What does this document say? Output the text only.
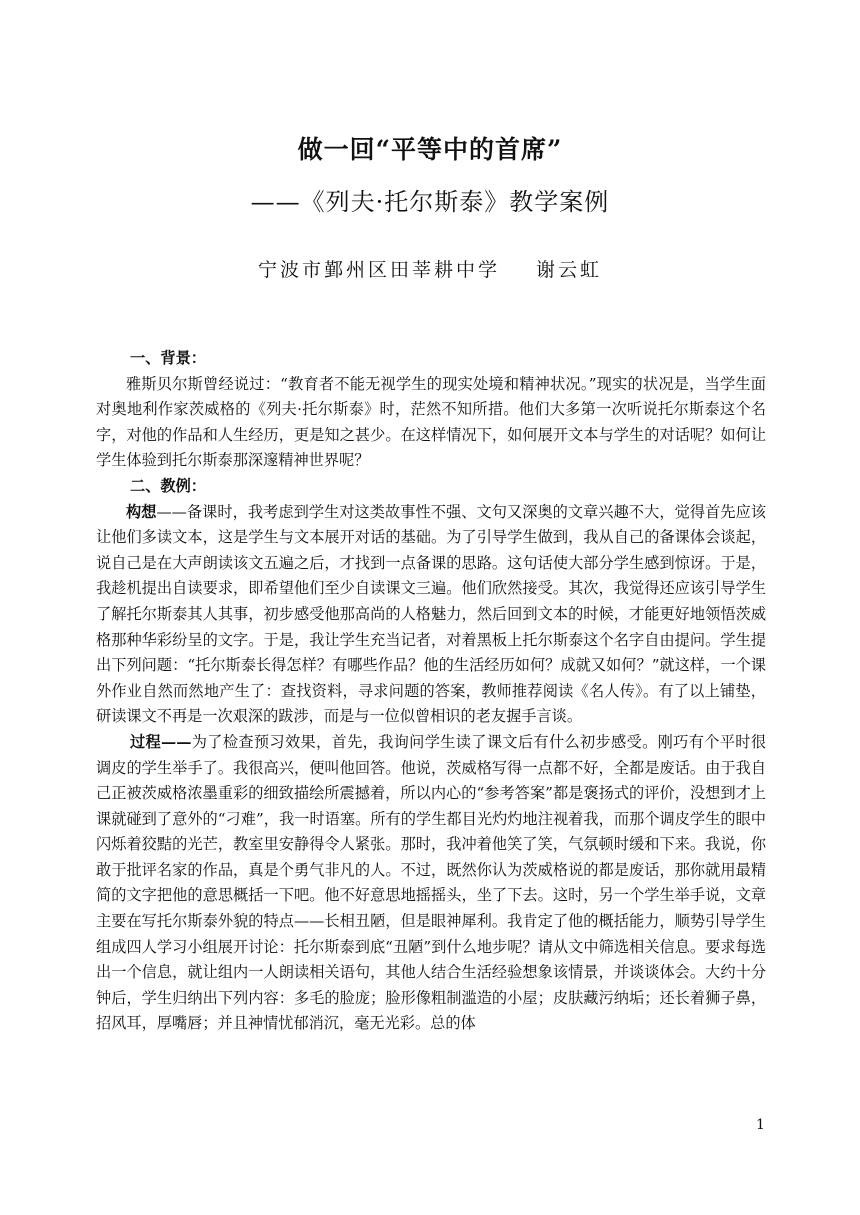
做一回“平等中的首席”
——《列夫·托尔斯泰》教学案例
宁波市鄞州区田莘耕中学 谢云虹

一、背景：

雅斯贝尔斯曾经说过：“教育者不能无视学生的现实处境和精神状况。”现实的状况是，当学生面对奥地利作家茨威格的《列夫·托尔斯泰》时，茫然不知所措。他们大多第一次听说托尔斯泰这个名字，对他的作品和人生经历，更是知之甚少。在这样情况下，如何展开文本与学生的对话呢？如何让学生体验到托尔斯泰那深邃精神世界呢？

二、教例：

构想——备课时，我考虑到学生对这类故事性不强、文句又深奥的文章兴趣不大，觉得首先应该让他们多读文本，这是学生与文本展开对话的基础。为了引导学生做到，我从自己的备课体会谈起，说自己是在大声朗读该文五遍之后，才找到一点备课的思路。这句话使大部分学生感到惊讶。于是，我趁机提出自读要求，即希望他们至少自读课文三遍。他们欣然接受。其次，我觉得还应该引导学生了解托尔斯泰其人其事，初步感受他那高尚的人格魅力，然后回到文本的时候，才能更好地领悟茨威格那种华彩纷呈的文字。于是，我让学生充当记者，对着黑板上托尔斯泰这个名字自由提问。学生提出下列问题：“托尔斯泰长得怎样？有哪些作品？他的生活经历如何？成就又如何？”就这样，一个课外作业自然而然地产生了：查找资料，寻求问题的答案，教师推荐阅读《名人传》。有了以上铺垫，研读课文不再是一次艰深的跋涉，而是与一位似曾相识的老友握手言谈。

过程——为了检查预习效果，首先，我询问学生读了课文后有什么初步感受。刚巧有个平时很调皮的学生举手了。我很高兴，便叫他回答。他说，茨威格写得一点都不好，全都是废话。由于我自己正被茨威格浓墨重彩的细致描绘所震撼着，所以内心的“参考答案”都是褒扬式的评价，没想到才上课就碰到了意外的“刁难”，我一时语塞。所有的学生都目光灼灼地注视着我，而那个调皮学生的眼中闪烁着狡黠的光芒，教室里安静得令人紧张。那时，我冲着他笑了笑，气氛顿时缓和下来。我说，你敢于批评名家的作品，真是个勇气非凡的人。不过，既然你认为茨威格说的都是废话，那你就用最精简的文字把他的意思概括一下吧。他不好意思地摇摇头，坐了下去。这时，另一个学生举手说，文章主要在写托尔斯泰外貌的特点——长相丑陋，但是眼神犀利。我肯定了他的概括能力，顺势引导学生组成四人学习小组展开讨论：托尔斯泰到底“丑陋”到什么地步呢？请从文中筛选相关信息。要求每选出一个信息，就让组内一人朗读相关语句，其他人结合生活经验想象该情景，并谈谈体会。大约十分钟后，学生归纳出下列内容：多毛的脸庞；脸形像粗制滥造的小屋；皮肤藏污纳垢；还长着狮子鼻，招风耳，厚嘴唇；并且神情忧郁消沉，毫无光彩。总的体

1
